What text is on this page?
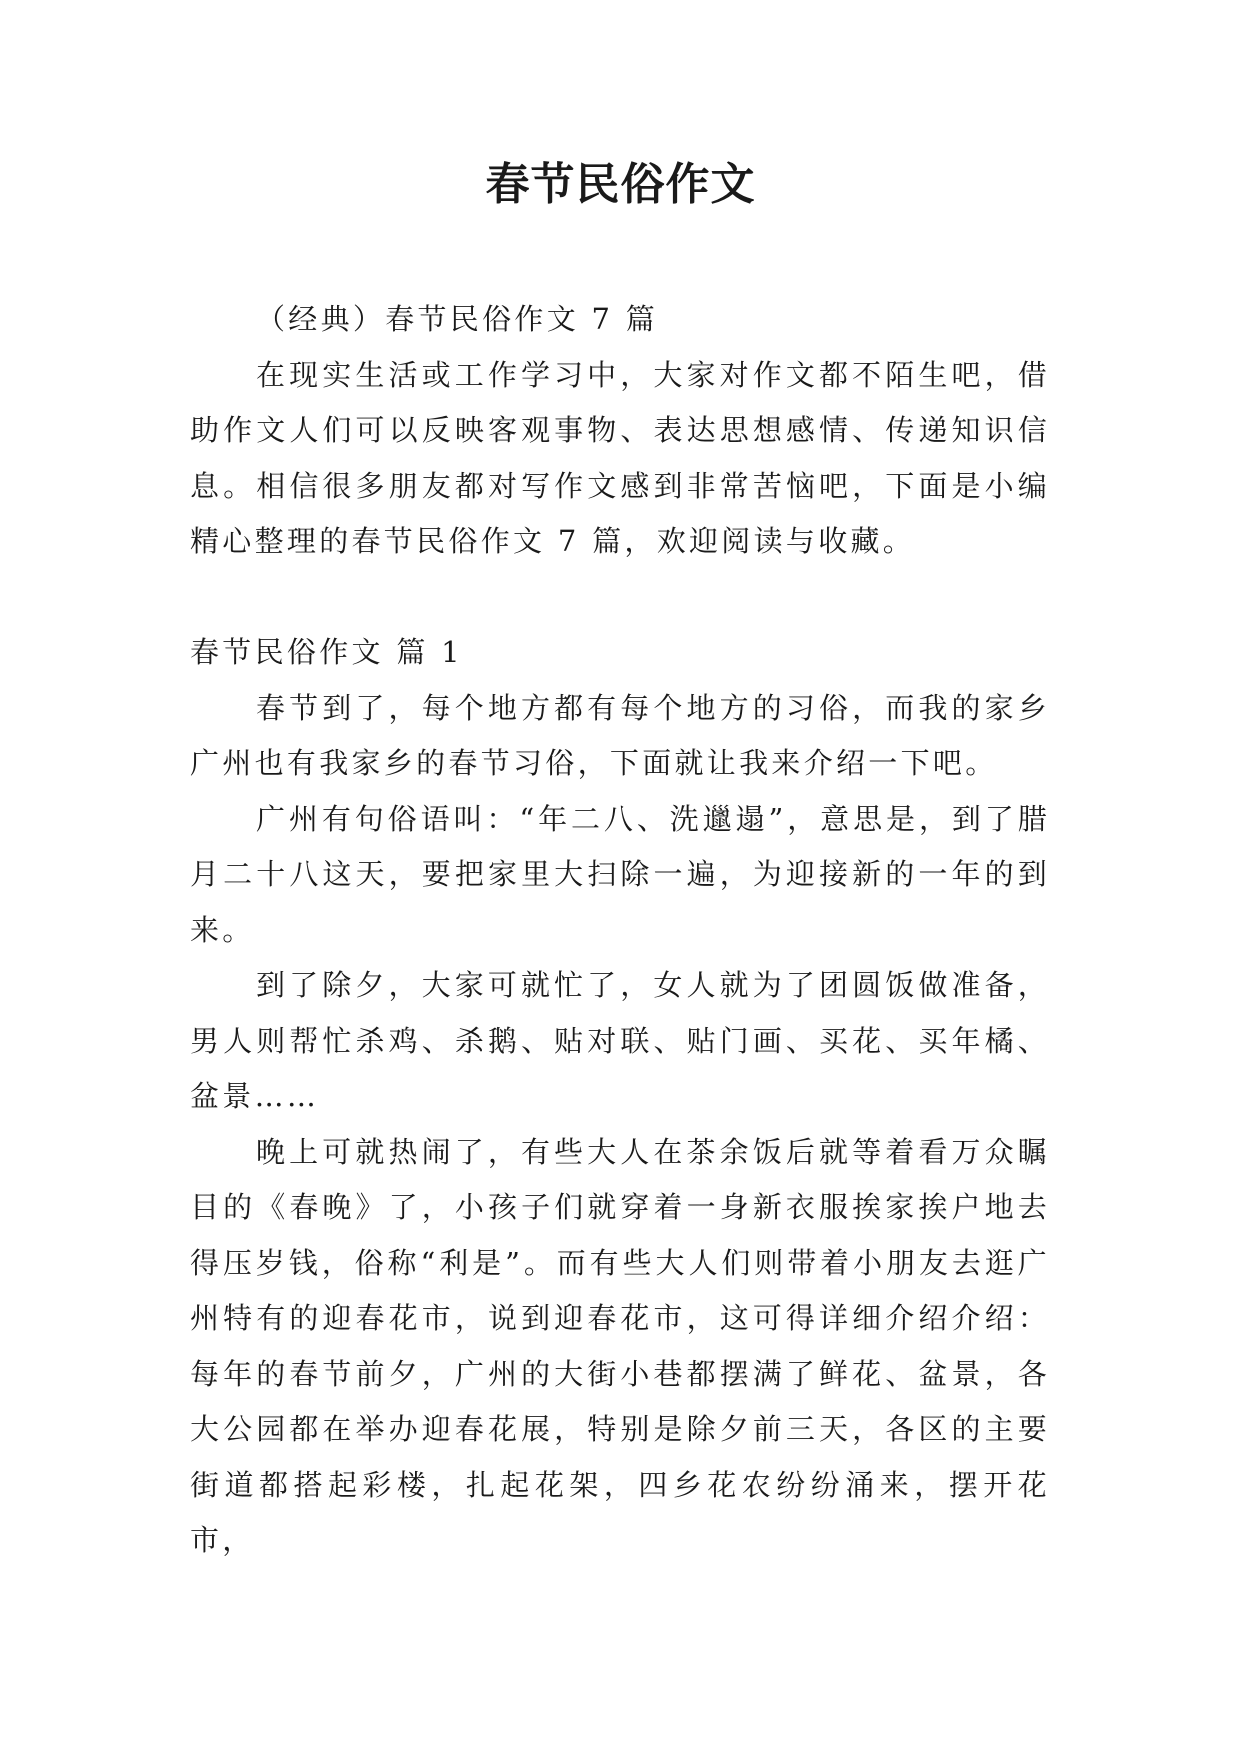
春节民俗作文

（经典）春节民俗作文 7 篇

在现实生活或工作学习中，大家对作文都不陌生吧，借助作文人们可以反映客观事物、表达思想感情、传递知识信息。相信很多朋友都对写作文感到非常苦恼吧，下面是小编精心整理的春节民俗作文 7 篇，欢迎阅读与收藏。

春节民俗作文 篇 1

春节到了，每个地方都有每个地方的习俗，而我的家乡广州也有我家乡的春节习俗，下面就让我来介绍一下吧。

广州有句俗语叫：“年二八、洗邋遢”，意思是，到了腊月二十八这天，要把家里大扫除一遍，为迎接新的一年的到来。

到了除夕，大家可就忙了，女人就为了团圆饭做准备，男人则帮忙杀鸡、杀鹅、贴对联、贴门画、买花、买年橘、盆景……

晚上可就热闹了，有些大人在茶余饭后就等着看万众瞩目的《春晚》了，小孩子们就穿着一身新衣服挨家挨户地去得压岁钱，俗称“利是”。而有些大人们则带着小朋友去逛广州特有的迎春花市，说到迎春花市，这可得详细介绍介绍：每年的春节前夕，广州的大街小巷都摆满了鲜花、盆景，各大公园都在举办迎春花展，特别是除夕前三天，各区的主要街道都搭起彩楼，扎起花架，四乡花农纷纷涌来，摆开花市，
